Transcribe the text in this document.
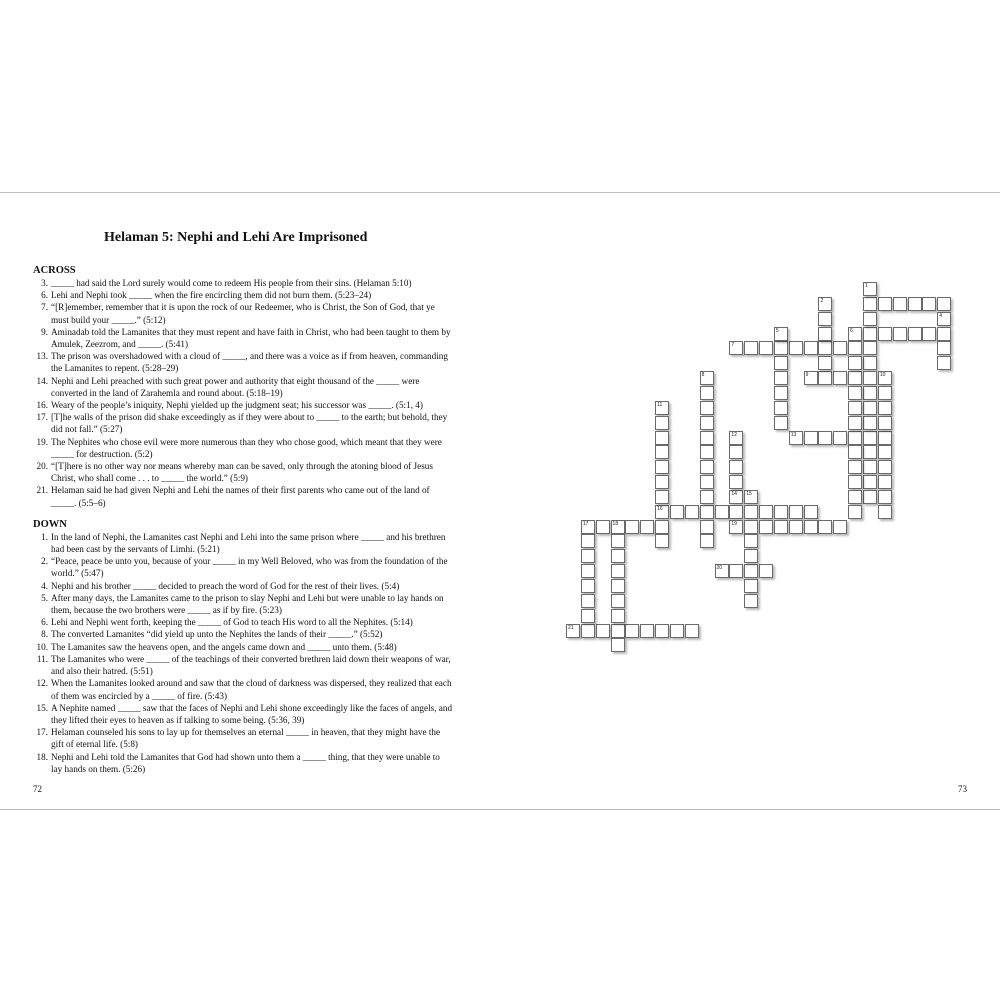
Helaman 5: Nephi and Lehi Are Imprisoned
ACROSS
3. _____ had said the Lord surely would come to redeem His people from their sins. (Helaman 5:10)
6. Lehi and Nephi took _____ when the fire encircling them did not burn them. (5:23–24)
7. “[R]emember, remember that it is upon the rock of our Redeemer, who is Christ, the Son of God, that ye must build your _____.” (5:12)
9. Aminadab told the Lamanites that they must repent and have faith in Christ, who had been taught to them by Amulek, Zeezrom, and _____. (5:41)
13. The prison was overshadowed with a cloud of _____, and there was a voice as if from heaven, commanding the Lamanites to repent. (5:28–29)
14. Nephi and Lehi preached with such great power and authority that eight thousand of the _____ were converted in the land of Zarahemla and round about. (5:18–19)
16. Weary of the people’s iniquity, Nephi yielded up the judgment seat; his successor was _____. (5:1, 4)
17. [T]he walls of the prison did shake exceedingly as if they were about to _____ to the earth; but behold, they did not fall.” (5:27)
19. The Nephites who chose evil were more numerous than they who chose good, which meant that they were _____ for destruction. (5:2)
20. “[T]here is no other way nor means whereby man can be saved, only through the atoning blood of Jesus Christ, who shall come . . . to _____ the world.” (5:9)
21. Helaman said he had given Nephi and Lehi the names of their first parents who came out of the land of _____. (5:5–6)
DOWN
1. In the land of Nephi, the Lamanites cast Nephi and Lehi into the same prison where _____ and his brethren had been cast by the servants of Limhi. (5:21)
2. “Peace, peace be unto you, because of your _____ in my Well Beloved, who was from the foundation of the world.” (5:47)
4. Nephi and his brother _____ decided to preach the word of God for the rest of their lives. (5:4)
5. After many days, the Lamanites came to the prison to slay Nephi and Lehi but were unable to lay hands on them, because the two brothers were _____ as if by fire. (5:23)
6. Lehi and Nephi went forth, keeping the _____ of God to teach His word to all the Nephites. (5:14)
8. The converted Lamanites “did yield up unto the Nephites the lands of their _____.” (5:52)
10. The Lamanites saw the heavens open, and the angels came down and _____ unto them. (5:48)
11. The Lamanites who were _____ of the teachings of their converted brethren laid down their weapons of war, and also their hatred. (5:51)
12. When the Lamanites looked around and saw that the cloud of darkness was dispersed, they realized that each of them was encircled by a _____ of fire. (5:43)
15. A Nephite named _____ saw that the faces of Nephi and Lehi shone exceedingly like the faces of angels, and they lifted their eyes to heaven as if talking to some being. (5:36, 39)
17. Helaman counseled his sons to lay up for themselves an eternal _____ in heaven, that they might have the gift of eternal life. (5:8)
18. Nephi and Lehi told the Lamanites that God had shown unto them a _____ thing, that they were unable to lay hands on them. (5:26)
72	73
6
7
9
13
14 15
16
17	18	19
20
21
1
2
4
5
8	10
11
12
